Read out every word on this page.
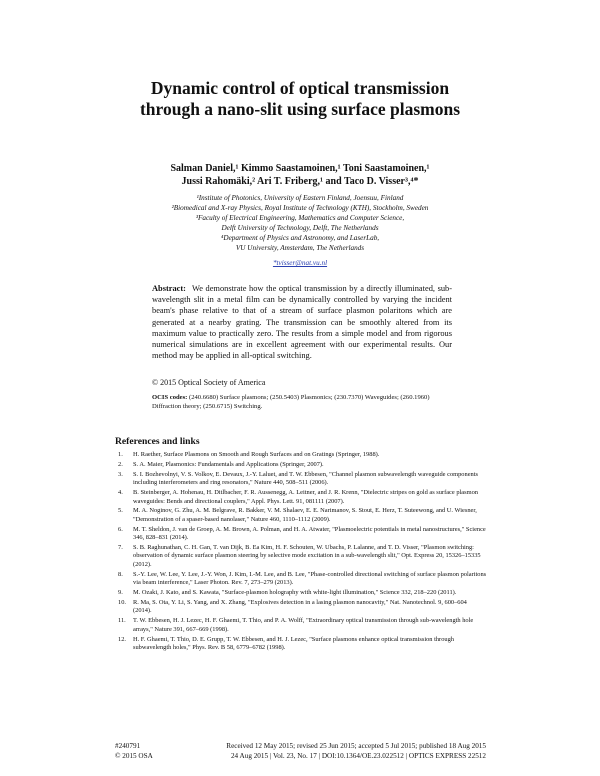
Dynamic control of optical transmission through a nano-slit using surface plasmons
Salman Daniel,¹ Kimmo Saastamoinen,¹ Toni Saastamoinen,¹
Jussi Rahomäki,² Ari T. Friberg,¹ and Taco D. Visser³,⁴*
¹Institute of Photonics, University of Eastern Finland, Joensuu, Finland
²Biomedical and X-ray Physics, Royal Institute of Technology (KTH), Stockholm, Sweden
³Faculty of Electrical Engineering, Mathematics and Computer Science,
Delft University of Technology, Delft, The Netherlands
⁴Department of Physics and Astronomy, and LaserLab,
VU University, Amsterdam, The Netherlands
*tvisser@nat.vu.nl
Abstract: We demonstrate how the optical transmission by a directly illuminated, sub-wavelength slit in a metal film can be dynamically controlled by varying the incident beam's phase relative to that of a stream of surface plasmon polaritons which are generated at a nearby grating. The transmission can be smoothly altered from its maximum value to practically zero. The results from a simple model and from rigorous numerical simulations are in excellent agreement with our experimental results. Our method may be applied in all-optical switching.
© 2015 Optical Society of America
OCIS codes: (240.6680) Surface plasmons; (250.5403) Plasmonics; (230.7370) Waveguides; (260.1960) Diffraction theory; (250.6715) Switching.
References and links
1. H. Raether, Surface Plasmons on Smooth and Rough Surfaces and on Gratings (Springer, 1988).
2. S. A. Maier, Plasmonics: Fundamentals and Applications (Springer, 2007).
3. S. I. Bozhevolnyi, V. S. Volkov, E. Devaux, J.-Y. Laluet, and T. W. Ebbesen, "Channel plasmon subwavelength waveguide components including interferometers and ring resonators," Nature 440, 508–511 (2006).
4. B. Steinberger, A. Hohenau, H. Ditlbacher, F. R. Aussenegg, A. Leitner, and J. R. Krenn, "Dielectric stripes on gold as surface plasmon waveguides: Bends and directional couplers," Appl. Phys. Lett. 91, 081111 (2007).
5. M. A. Noginov, G. Zhu, A. M. Belgrave, R. Bakker, V. M. Shalaev, E. E. Narimanov, S. Stout, E. Herz, T. Suteewong, and U. Wiesner, "Demonstration of a spaser-based nanolaser," Nature 460, 1110–1112 (2009).
6. M. T. Sheldon, J. van de Groep, A. M. Brown, A. Polman, and H. A. Atwater, "Plasmoelectric potentials in metal nanostructures," Science 346, 828–831 (2014).
7. S. B. Raghunathan, C. H. Gan, T. van Dijk, B. Ea Kim, H. F. Schouten, W. Ubachs, P. Lalanne, and T. D. Visser, "Plasmon switching: observation of dynamic surface plasmon steering by selective mode excitation in a sub-wavelength slit," Opt. Express 20, 15326–15335 (2012).
8. S.-Y. Lee, W. Lee, Y. Lee, J.-Y. Won, J. Kim, I.-M. Lee, and B. Lee, "Phase-controlled directional switching of surface plasmon polaritons via beam interference," Laser Photon. Rev. 7, 273–279 (2013).
9. M. Ozaki, J. Kato, and S. Kawata, "Surface-plasmon holography with white-light illumination," Science 332, 218–220 (2011).
10. R. Ma, S. Ota, Y. Li, S. Yang, and X. Zhang, "Explosives detection in a lasing plasmon nanocavity," Nat. Nanotechnol. 9, 600–604 (2014).
11. T. W. Ebbesen, H. J. Lezec, H. F. Ghaemi, T. Thio, and P. A. Wolff, "Extraordinary optical transmission through sub-wavelength hole arrays," Nature 391, 667–669 (1998).
12. H. F. Ghaemi, T. Thio, D. E. Grupp, T. W. Ebbesen, and H. J. Lezec, "Surface plasmons enhance optical transmission through subwavelength holes," Phys. Rev. B 58, 6779–6782 (1998).
#240791
© 2015 OSA
Received 12 May 2015; revised 25 Jun 2015; accepted 5 Jul 2015; published 18 Aug 2015
24 Aug 2015 | Vol. 23, No. 17 | DOI:10.1364/OE.23.022512 | OPTICS EXPRESS 22512
